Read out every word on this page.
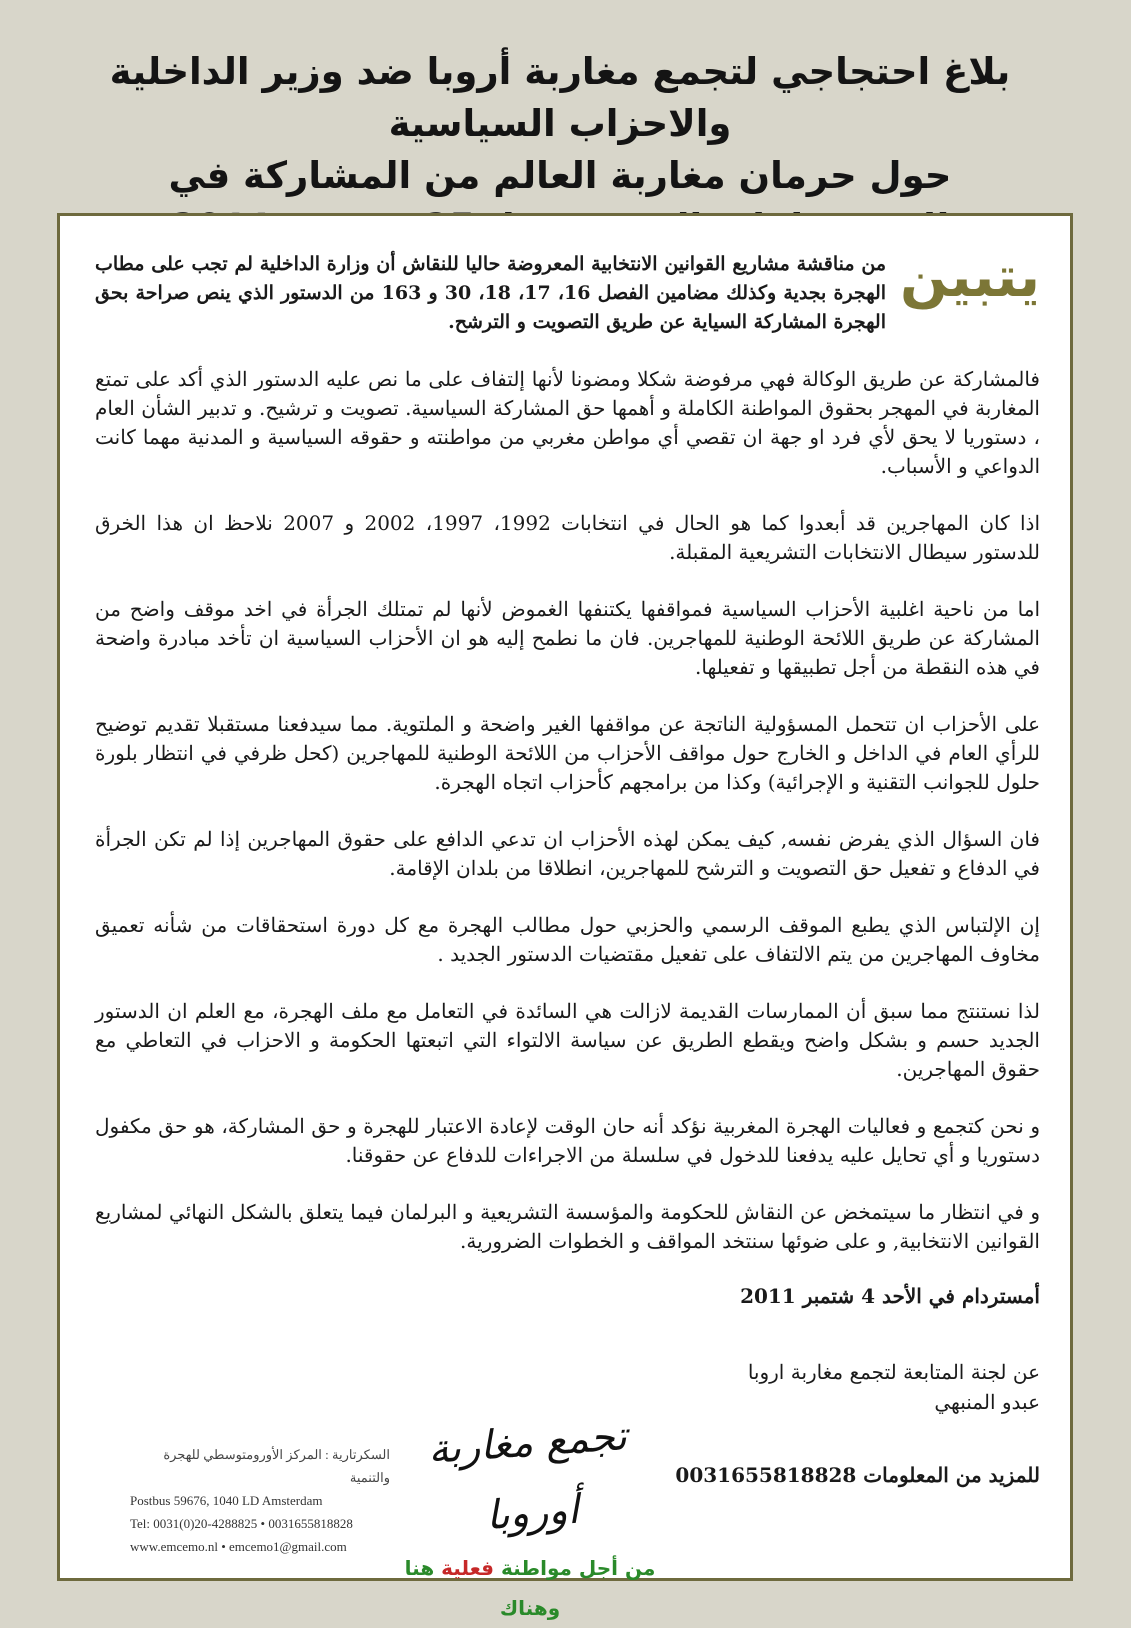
بلاغ احتجاجي لتجمع مغاربة أروبا ضد وزير الداخلية والاحزاب السياسية
حول حرمان مغاربة العالم من المشاركة في
يتبين

من مناقشة مشاريع القوانين الانتخابية المعروضة حاليا للنقاش أن وزارة الداخلية لم تجب على مطاب الهجرة بجدية وكذلك مضامين الفصل 16، 17، 18، 30 و 163 من الدستور الذي ينص صراحة بحق الهجرة المشاركة السياية عن طريق التصويت و الترشح.

فالمشاركة عن طريق الوكالة فهي مرفوضة شكلا ومضونا لأنها إلتفاف على ما نص عليه الدستور الذي أكد على تمتع المغاربة في المهجر بحقوق المواطنة الكاملة و أهمها حق المشاركة السياسية. تصويت و ترشيح. و تدبير الشأن العام ، دستوريا لا يحق لأي فرد او جهة ان تقصي أي مواطن مغربي من مواطنته و حقوقه السياسية و المدنية مهما كانت الدواعي و الأسباب.

اذا كان المهاجرين قد أبعدوا كما هو الحال في انتخابات 1992، 1997، 2002 و 2007 نلاحظ ان هذا الخرق للدستور سيطال الانتخابات التشريعية المقبلة.

اما من ناحية اغلبية الأحزاب السياسية فمواقفها يكتنفها الغموض لأنها لم تمتلك الجرأة في اخد موقف واضح من المشاركة عن طريق اللائحة الوطنية للمهاجرين. فان ما نطمح إليه هو ان الأحزاب السياسية ان تأخد مبادرة واضحة في هذه النقطة من أجل تطبيقها و تفعيلها.

على الأحزاب ان تتحمل المسؤولية الناتجة عن مواقفها الغير واضحة و الملتوية. مما سيدفعنا مستقبلا تقديم توضيح للرأي العام في الداخل و الخارج حول مواقف الأحزاب من اللائحة الوطنية للمهاجرين (كحل ظرفي في انتظار بلورة حلول للجوانب التقنية و الإجرائية) وكذا من برامجهم كأحزاب اتجاه الهجرة.

فان السؤال الذي يفرض نفسه, كيف يمكن لهذه الأحزاب ان تدعي الدافع على حقوق المهاجرين إذا لم تكن الجرأة في الدفاع و تفعيل حق التصويت و الترشح للمهاجرين، انطلاقا من بلدان الإقامة.

إن الإلتباس الذي يطبع الموقف الرسمي والحزبي حول مطالب الهجرة مع كل دورة استحقاقات من شأنه تعميق مخاوف المهاجرين من يتم الالتفاف على تفعيل مقتضيات الدستور الجديد .

لذا نستنتج مما سبق أن الممارسات القديمة لازالت هي السائدة في التعامل مع ملف الهجرة، مع العلم ان الدستور الجديد حسم و بشكل واضح ويقطع الطريق عن سياسة الالتواء التي اتبعتها الحكومة و الاحزاب في التعاطي مع حقوق المهاجرين.

و نحن كتجمع و فعاليات الهجرة المغربية نؤكد أنه حان الوقت لإعادة الاعتبار للهجرة و حق المشاركة، هو حق مكفول دستوريا و أي تحايل عليه يدفعنا للدخول في سلسلة من الاجراءات للدفاع عن حقوقنا.

و في انتظار ما سيتمخض عن النقاش للحكومة والمؤسسة التشريعية و البرلمان فيما يتعلق بالشكل النهائي لمشاريع القوانين الانتخابية, و على ضوئها سنتخد المواقف و الخطوات الضرورية.

أمستردام في الأحد 4 شتمبر 2011
عن لجنة المتابعة لتجمع مغاربة اروبا
عبدو المنبهي
للمزيد من المعلومات 0031655818828
السكرتارية : المركز الأورومتوسطي للهجرة والتنمية
Postbus 59676, 1040 LD Amsterdam
Tel: 0031(0)20-4288825 • 0031655818828
www.emcemo.nl • emcemo1@gmail.com
تجمع مغاربة أوروبا
من أجل مواطنة فعلية هنا وهناك
